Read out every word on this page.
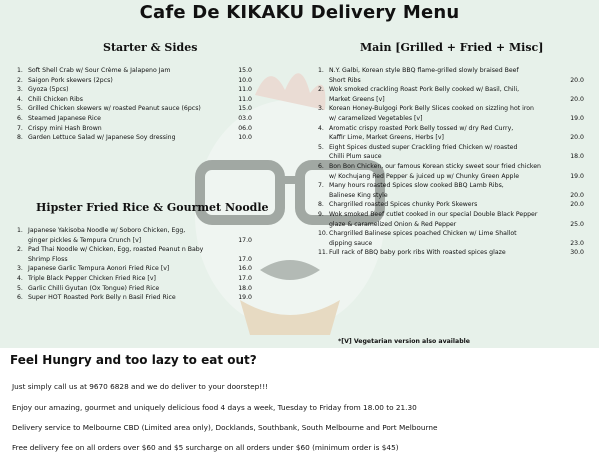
Cafe De KIKAKU Delivery Menu
Starter & Sides
1. Soft Shell Crab w/ Sour Crème & Jalapeno Jam	15.0
2. Saigon Pork skewers (2pcs)	10.0
3. Gyoza (5pcs)	11.0
4. Chili Chicken Ribs	11.0
5. Grilled Chicken skewers w/ roasted Peanut sauce (6pcs)	15.0
6. Steamed Japanese Rice	03.0
7. Crispy mini Hash Brown	06.0
8. Garden Lettuce Salad w/ Japanese Soy dressing	10.0
Hipster Fried Rice & Gourmet Noodle
1. Japanese Yakisoba Noodle w/ Soboro Chicken, Egg,
ginger pickles & Tempura Crunch [v]	17.0
2. Pad Thai Noodle w/ Chicken, Egg, roasted Peanut n Baby
Shrimp Floss	17.0
3. Japanese Garlic Tempura Aonori Fried Rice [v]	16.0
4. Triple Black Pepper Chicken Fried Rice [v]	17.0
5. Garlic Chilli Gyutan (Ox Tongue) Fried Rice	18.0
6. Super HOT Roasted Pork Belly n Basil Fried Rice	19.0
Main [Grilled + Fried + Misc]
1. N.Y. Galbi, Korean style BBQ flame-grilled slowly braised Beef
Short Ribs	20.0
2. Wok smoked crackling Roast Pork Belly cooked w/ Basil, Chili,
Market Greens [v]	20.0
3. Korean Honey-Bulgogi Pork Belly Slices cooked on sizzling hot iron
w/ caramelized Vegetables [v]	19.0
4. Aromatic crispy roasted Pork Belly tossed w/ dry Red Curry,
Kaffir Lime, Market Greens, Herbs [v]	20.0
5. Eight Spices dusted super Crackling fried Chicken w/ roasted
Chilli Plum sauce	18.0
6. Bon Bon Chicken, our famous Korean sticky sweet sour fried chicken
w/ Kochujang Red Pepper & juiced up w/ Chunky Green Apple	19.0
7. Many hours roasted Spices slow cooked BBQ Lamb Ribs,
Balinese King style	20.0
8. Chargrilled roasted Spices chunky Pork Skewers	20.0
9. Wok smoked Beef cutlet cooked in our special Double Black Pepper
glaze & caramelized Onion & Red Pepper	25.0
10. Chargrilled Balinese spices poached Chicken w/ Lime Shallot
dipping sauce	23.0
11. Full rack of BBQ baby pork ribs With roasted spices glaze	30.0
*[V] Vegetarian version also available
Feel Hungry and too lazy to eat out?
Just simply call us at 9670 6828 and we do deliver to your doorstep!!!
Enjoy our amazing, gourmet and uniquely delicious food 4 days a week, Tuesday to Friday from 18.00 to 21.30
Delivery service to Melbourne CBD (Limited area only), Docklands, Southbank, South Melbourne and Port Melbourne
Free delivery fee on all orders over $60 and $5 surcharge on all orders under $60 (minimum order is $45)
